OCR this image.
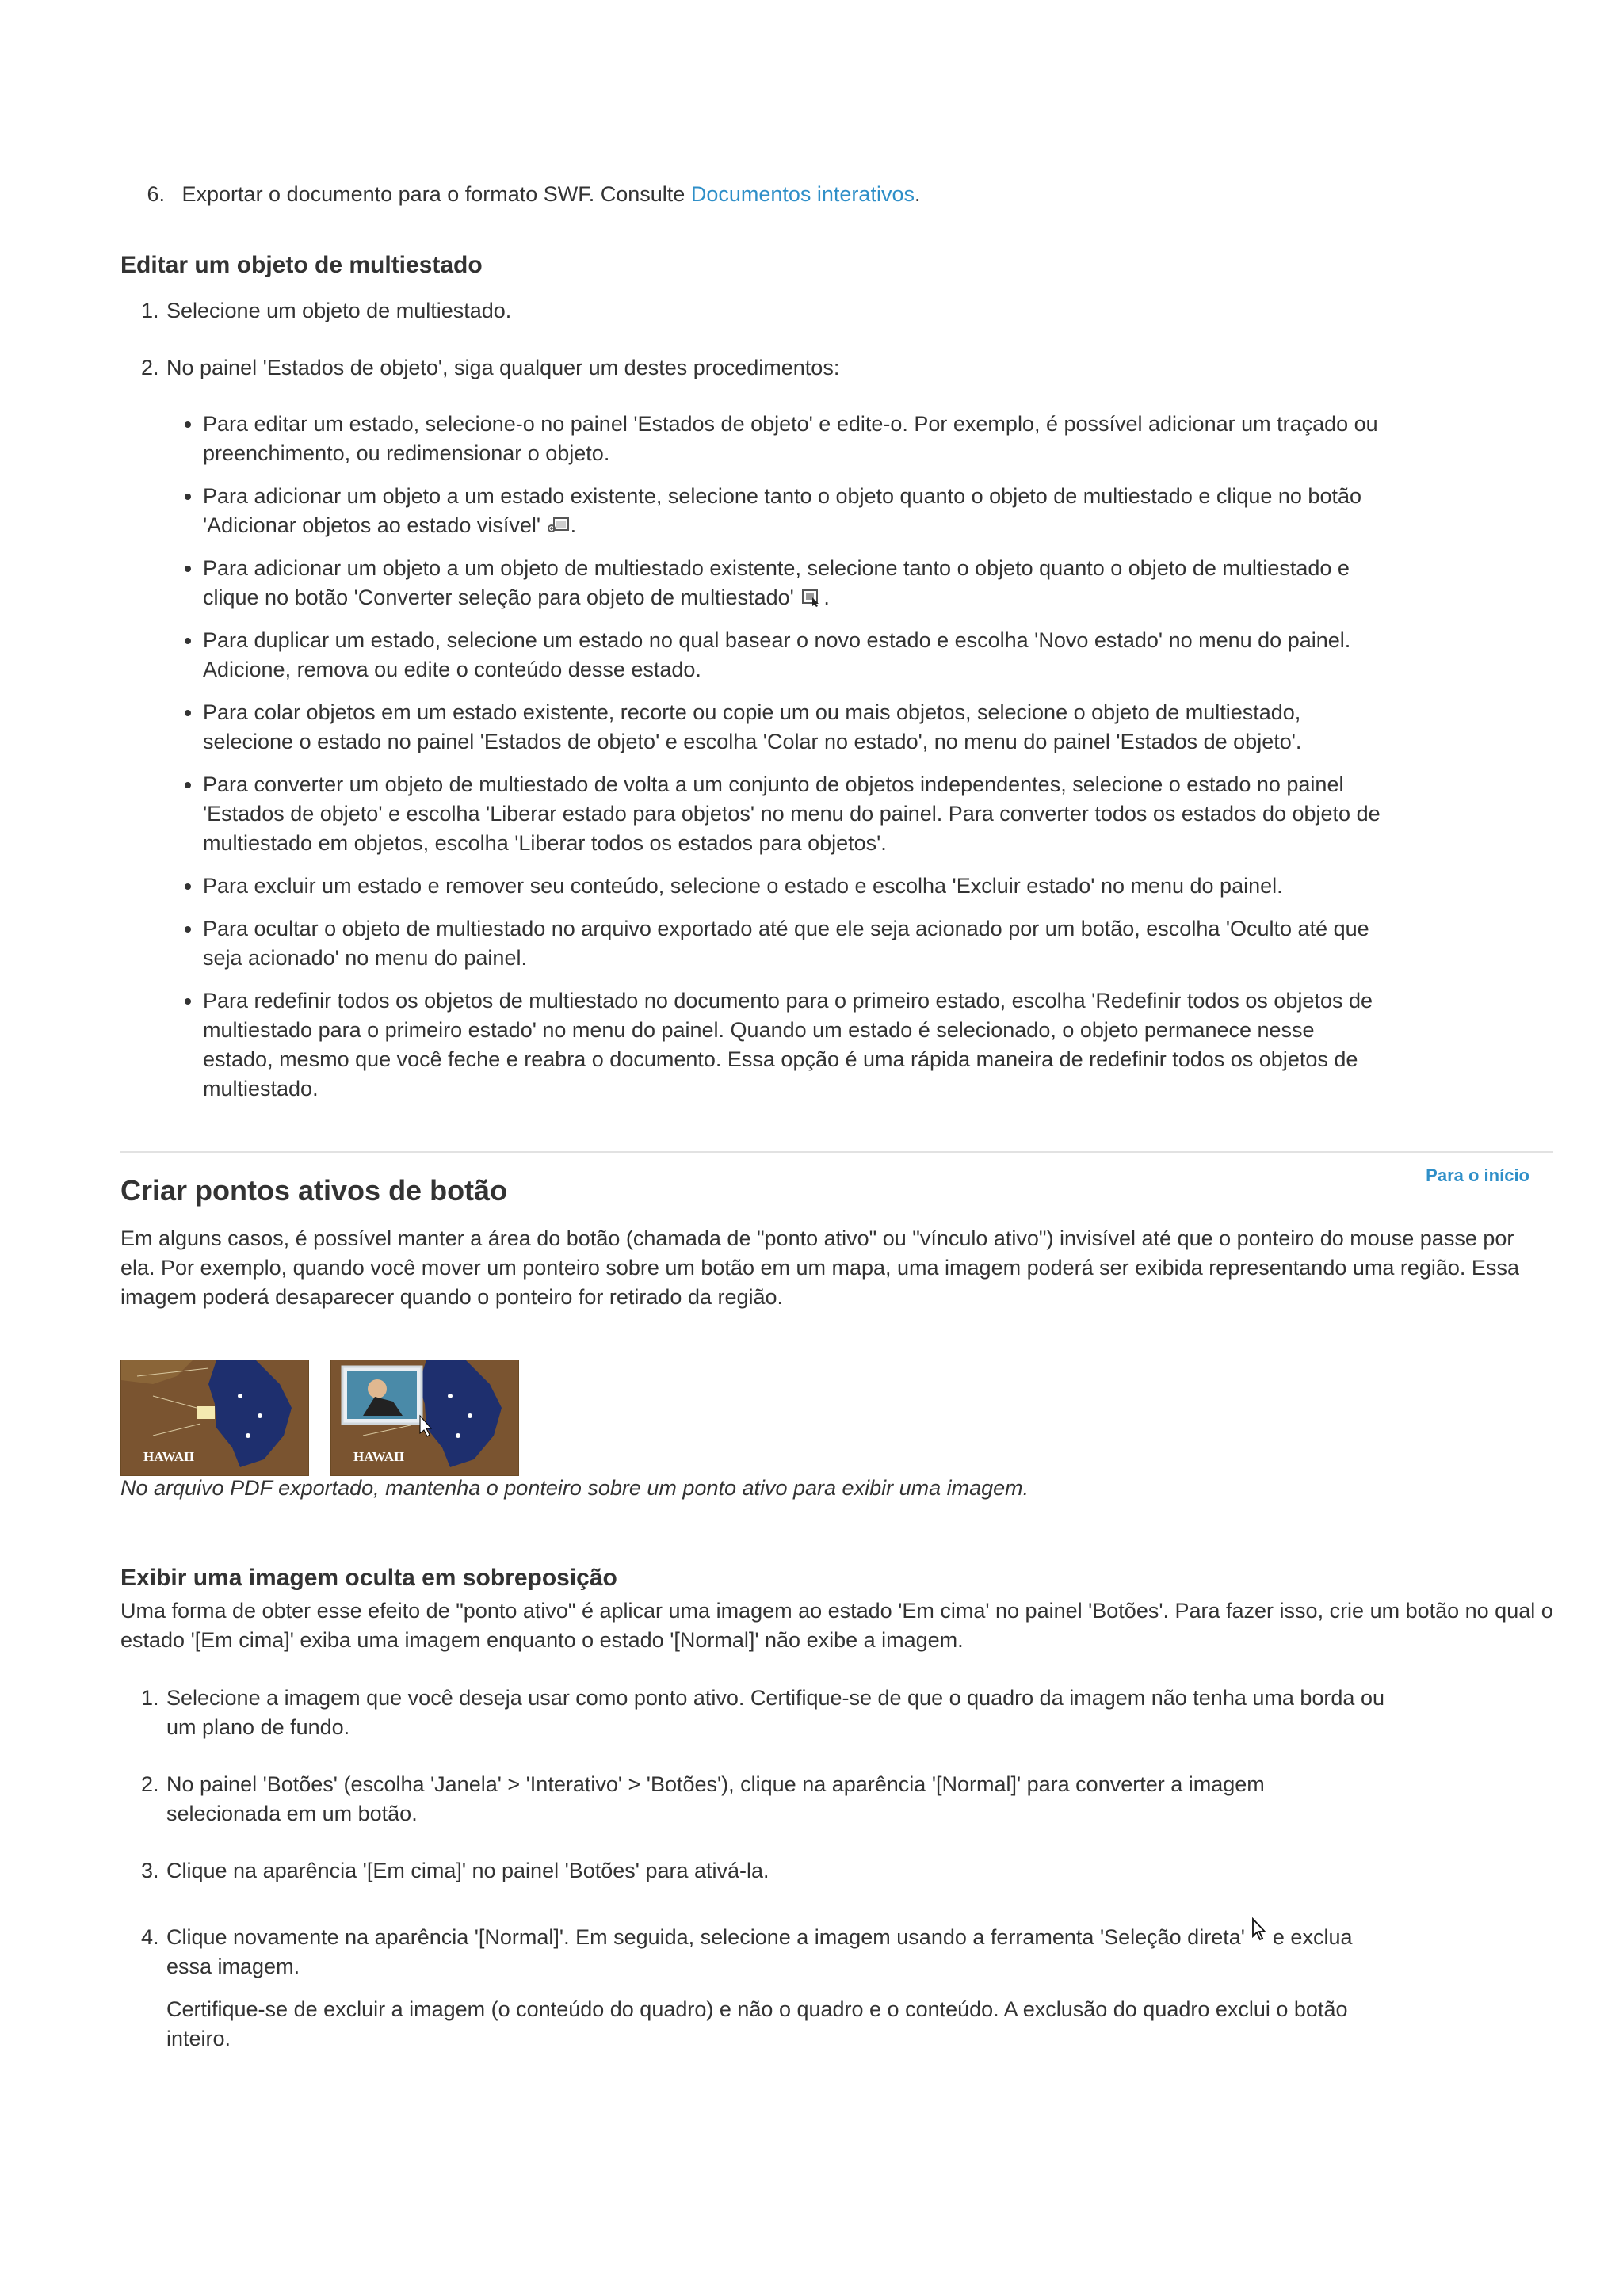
6. Exportar o documento para o formato SWF. Consulte Documentos interativos.
Editar um objeto de multiestado
1. Selecione um objeto de multiestado.
2. No painel 'Estados de objeto', siga qualquer um destes procedimentos:
• Para editar um estado, selecione-o no painel 'Estados de objeto' e edite-o. Por exemplo, é possível adicionar um traçado ou preenchimento, ou redimensionar o objeto.
• Para adicionar um objeto a um estado existente, selecione tanto o objeto quanto o objeto de multiestado e clique no botão 'Adicionar objetos ao estado visível' .
• Para adicionar um objeto a um objeto de multiestado existente, selecione tanto o objeto quanto o objeto de multiestado e clique no botão 'Converter seleção para objeto de multiestado' .
• Para duplicar um estado, selecione um estado no qual basear o novo estado e escolha 'Novo estado' no menu do painel. Adicione, remova ou edite o conteúdo desse estado.
• Para colar objetos em um estado existente, recorte ou copie um ou mais objetos, selecione o objeto de multiestado, selecione o estado no painel 'Estados de objeto' e escolha 'Colar no estado', no menu do painel 'Estados de objeto'.
• Para converter um objeto de multiestado de volta a um conjunto de objetos independentes, selecione o estado no painel 'Estados de objeto' e escolha 'Liberar estado para objetos' no menu do painel. Para converter todos os estados do objeto de multiestado em objetos, escolha 'Liberar todos os estados para objetos'.
• Para excluir um estado e remover seu conteúdo, selecione o estado e escolha 'Excluir estado' no menu do painel.
• Para ocultar o objeto de multiestado no arquivo exportado até que ele seja acionado por um botão, escolha 'Oculto até que seja acionado' no menu do painel.
• Para redefinir todos os objetos de multiestado no documento para o primeiro estado, escolha 'Redefinir todos os objetos de multiestado para o primeiro estado' no menu do painel. Quando um estado é selecionado, o objeto permanece nesse estado, mesmo que você feche e reabra o documento. Essa opção é uma rápida maneira de redefinir todos os objetos de multiestado.
Para o início
Criar pontos ativos de botão

Em alguns casos, é possível manter a área do botão (chamada de "ponto ativo" ou "vínculo ativo") invisível até que o ponteiro do mouse passe por ela. Por exemplo, quando você mover um ponteiro sobre um botão em um mapa, uma imagem poderá ser exibida representando uma região. Essa imagem poderá desaparecer quando o ponteiro for retirado da região.

HAWAII	HAWAII

No arquivo PDF exportado, mantenha o ponteiro sobre um ponto ativo para exibir uma imagem.

Exibir uma imagem oculta em sobreposição

Uma forma de obter esse efeito de "ponto ativo" é aplicar uma imagem ao estado 'Em cima' no painel 'Botões'. Para fazer isso, crie um botão no qual o estado '[Em cima]' exiba uma imagem enquanto o estado '[Normal]' não exibe a imagem.

1. Selecione a imagem que você deseja usar como ponto ativo. Certifique-se de que o quadro da imagem não tenha uma borda ou um plano de fundo.
2. No painel 'Botões' (escolha 'Janela' > 'Interativo' > 'Botões'), clique na aparência '[Normal]' para converter a imagem selecionada em um botão.
3. Clique na aparência '[Em cima]' no painel 'Botões' para ativá-la.
4. Clique novamente na aparência '[Normal]'. Em seguida, selecione a imagem usando a ferramenta 'Seleção direta'  e exclua essa imagem.

Certifique-se de excluir a imagem (o conteúdo do quadro) e não o quadro e o conteúdo. A exclusão do quadro exclui o botão inteiro.
